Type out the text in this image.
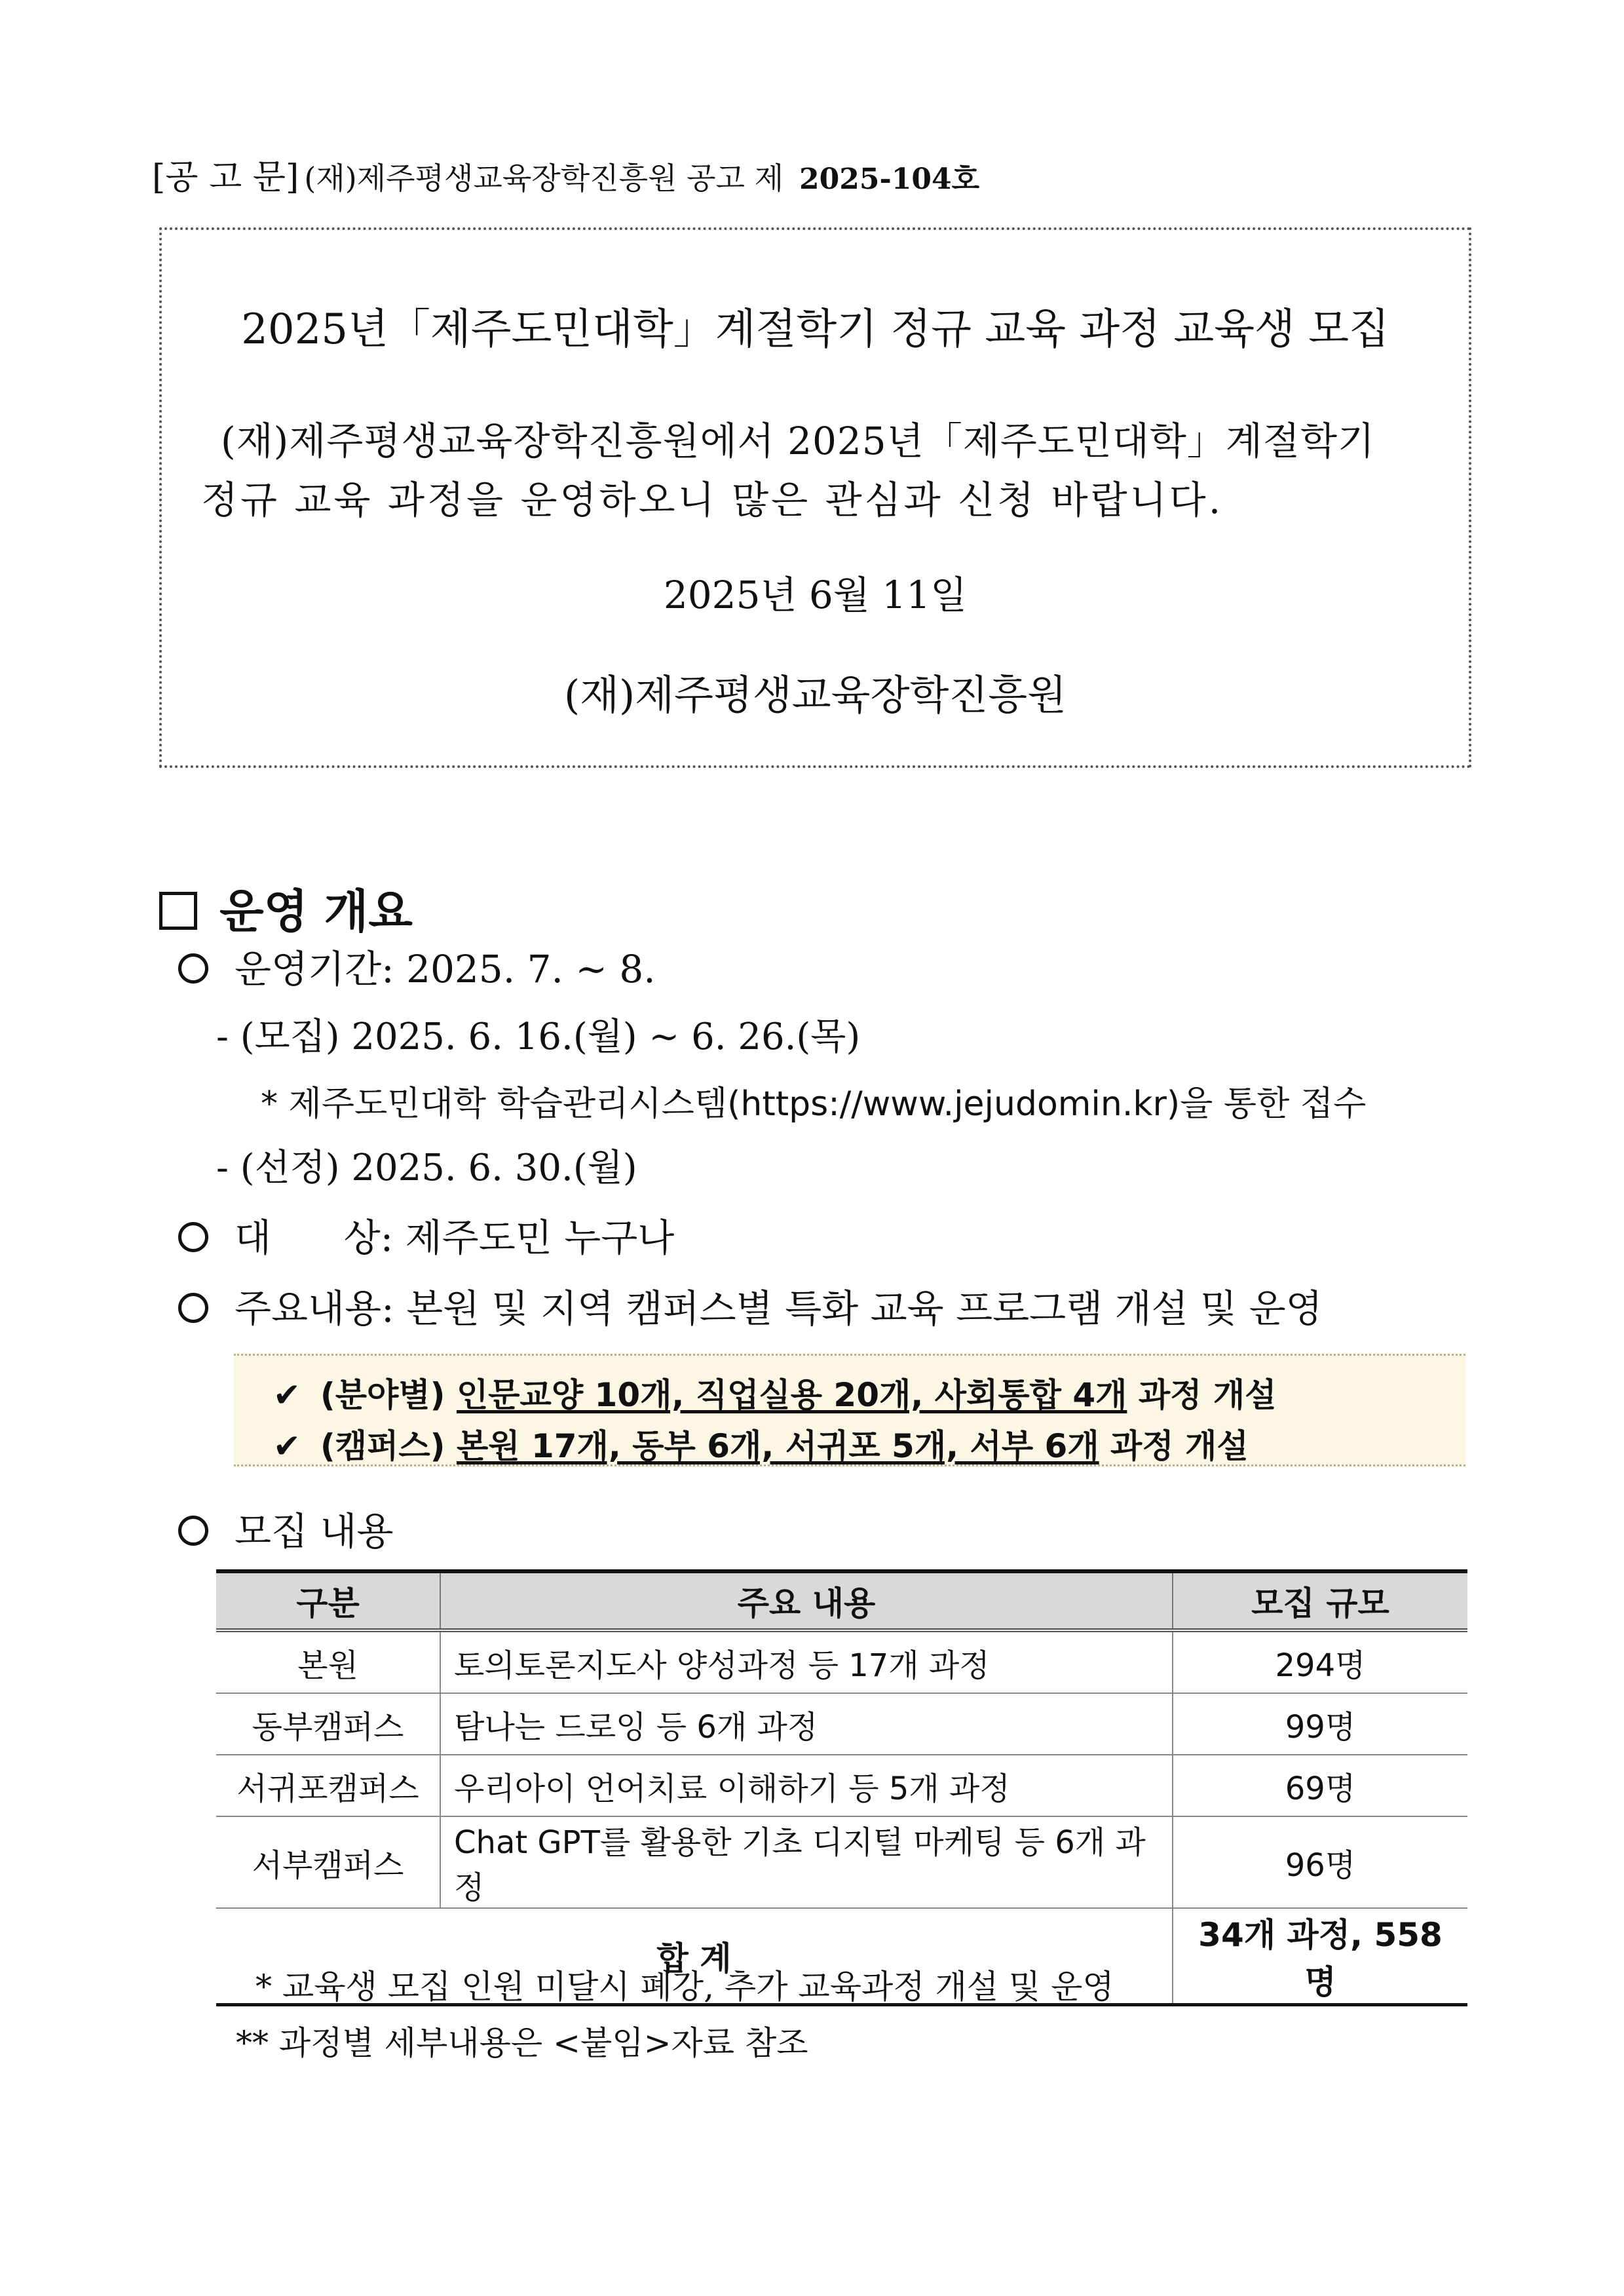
[공 고 문] (재)제주평생교육장학진흥원 공고 제 2025-104호
2025년「제주도민대학」계절학기 정규 교육 과정 교육생 모집
(재)제주평생교육장학진흥원에서 2025년「제주도민대학」계절학기
정규 교육 과정을 운영하오니 많은 관심과 신청 바랍니다.
2025년 6월 11일
(재)제주평생교육장학진흥원
운영 개요
운영기간: 2025. 7. ~ 8.
- (모집) 2025. 6. 16.(월) ~ 6. 26.(목)
* 제주도민대학 학습관리시스템(https://www.jejudomin.kr)을 통한 접수
- (선정) 2025. 6. 30.(월)
대      상: 제주도민 누구나
주요내용: 본원 및 지역 캠퍼스별 특화 교육 프로그램 개설 및 운영
✔ (분야별) 인문교양 10개, 직업실용 20개, 사회통합 4개 과정 개설
✔ (캠퍼스) 본원 17개, 동부 6개, 서귀포 5개, 서부 6개 과정 개설
모집 내용
구분	주요 내용	모집 규모
본원	토의토론지도사 양성과정 등 17개 과정	294명
동부캠퍼스	탐나는 드로잉 등 6개 과정	99명
서귀포캠퍼스	우리아이 언어치료 이해하기 등 5개 과정	69명
서부캠퍼스	Chat GPT를 활용한 기초 디지털 마케팅 등 6개 과정	96명
합 계		34개 과정, 558명
* 교육생 모집 인원 미달시 폐강, 추가 교육과정 개설 및 운영
** 과정별 세부내용은 <붙임>자료 참조
